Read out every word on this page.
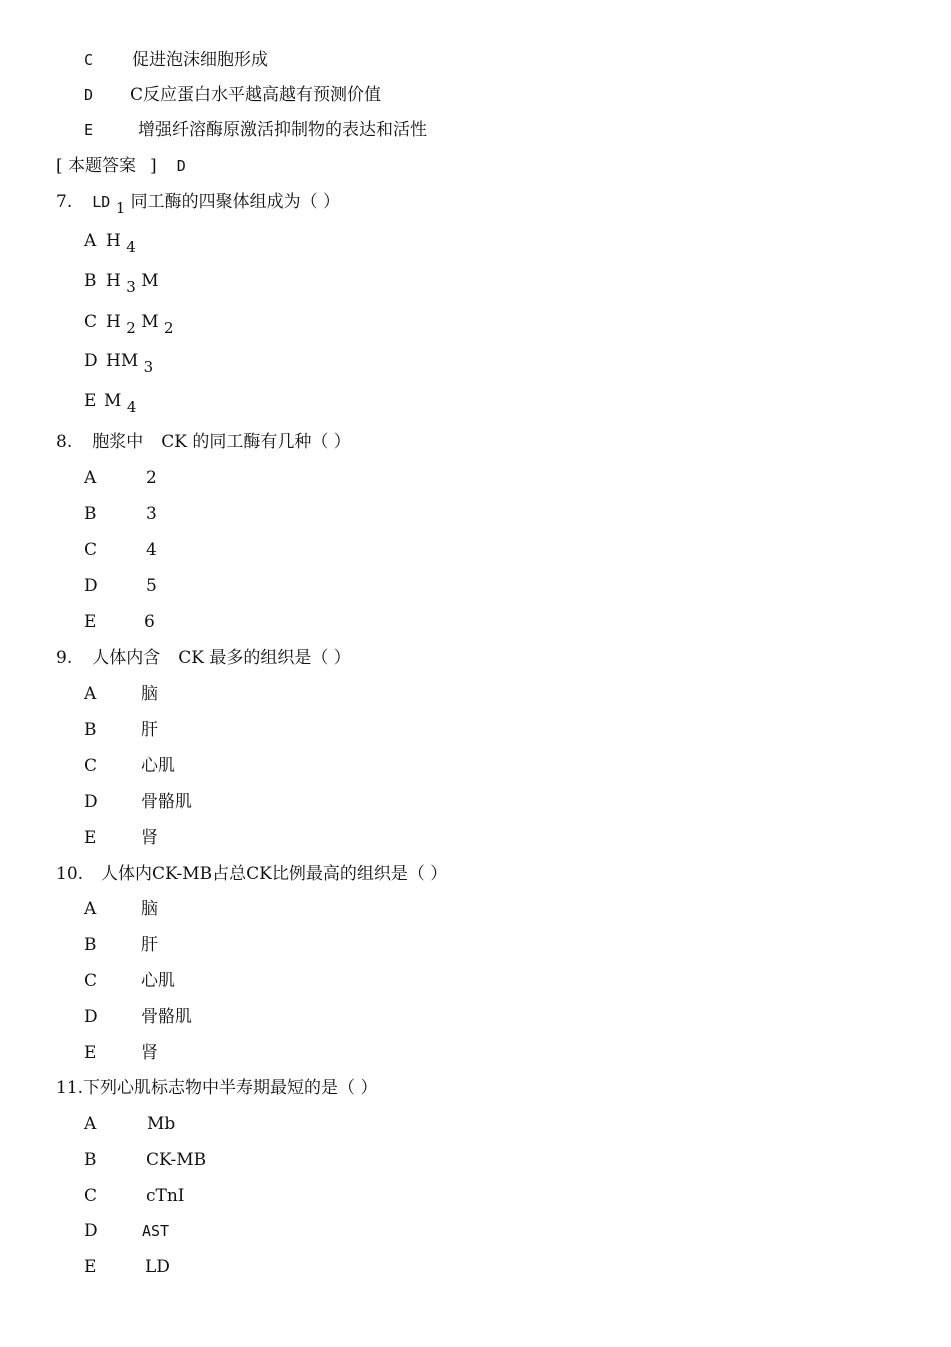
C 促进泡沫细胞形成
D C反应蛋白水平越高越有预测价值
E	增强纤溶酶原激活抑制物的表达和活性
[ 本题答案 ] D
7. LD 1 同工酶的四聚体组成为（ ）
A H 4
B H 3 M
C H 2 M 2
D HM 3
E M 4
8. 胞浆中 CK 的同工酶有几种（ ）
A	2
B	3
C	4
D	5
E	6
9. 人体内含 CK 最多的组织是（ ）
A	脑
B	肝
C	心肌
D	骨骼肌
E	肾
10. 人体内CK-MB占总CK比例最高的组织是（ ）
A	脑
B	肝
C	心肌
D	骨骼肌
E	肾
11.下列心肌标志物中半寿期最短的是（ ）
A	Mb
B	CK-MB
C	cTnⅠ
D	AST
E	LD
